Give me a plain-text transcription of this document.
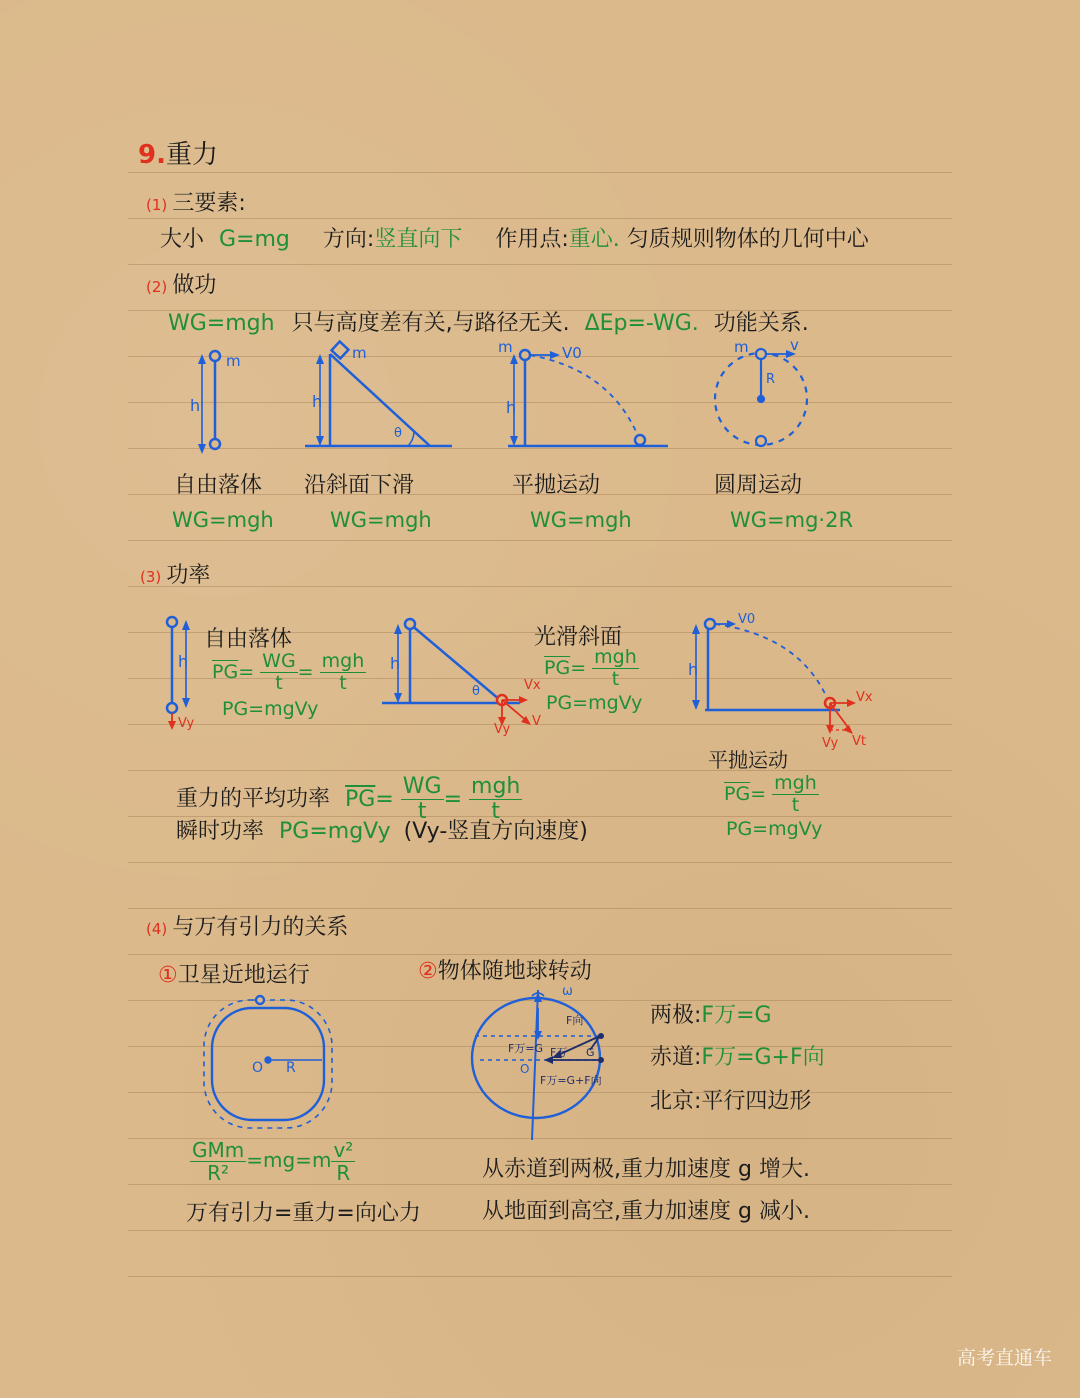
9.重力
(1) 三要素:
大小 G=mg 方向:竖直向下 作用点:重心. 匀质规则物体的几何中心
(2) 做功
WG=mgh 只与高度差有关,与路径无关. ΔEp=-WG. 功能关系.
m
h
m
h
θ
m
h
V0	m	v
R
自由落体 沿斜面下滑	平抛运动	圆周运动
WG=mgh	WG=mgh	WG=mgh	WG=mg·2R
(3) 功率
h
Vy
h
θ	Vx
Vy
V
h
V0
Vx
Vy Vt
自由落体
$\overline{PG}= \frac{WG}{t} = \frac{\text{mgh}}{t}$
PG=mgVy
光滑斜面
$\overline{PG}= \frac{\text{mgh}}{t}$
PG=mgVy
重力的平均功率 $\overline{PG}= \frac{WG}{t} = \frac{\text{mgh}}{t}$
瞬时功率 PG=mgVy (Vy-竖直方向速度)
平抛运动
$\overline{PG}= \frac{\text{mgh}}{t}$
PG=mgVy
(4) 与万有引力的关系
①卫星近地运行	②物体随地球转动
O R
ω
F向
F万=G F万 G
F万=G+F向
O
两极:F万=G
赤道:F万=G+F向
北京:平行四边形
$\frac{\text{GMm}}{\text{R²}} =mg=m \frac{\text{v²}}{R}$
万有引力=重力=向心力
从赤道到两极,重力加速度 g 增大.
从地面到高空,重力加速度 g 减小.
高考直通车
